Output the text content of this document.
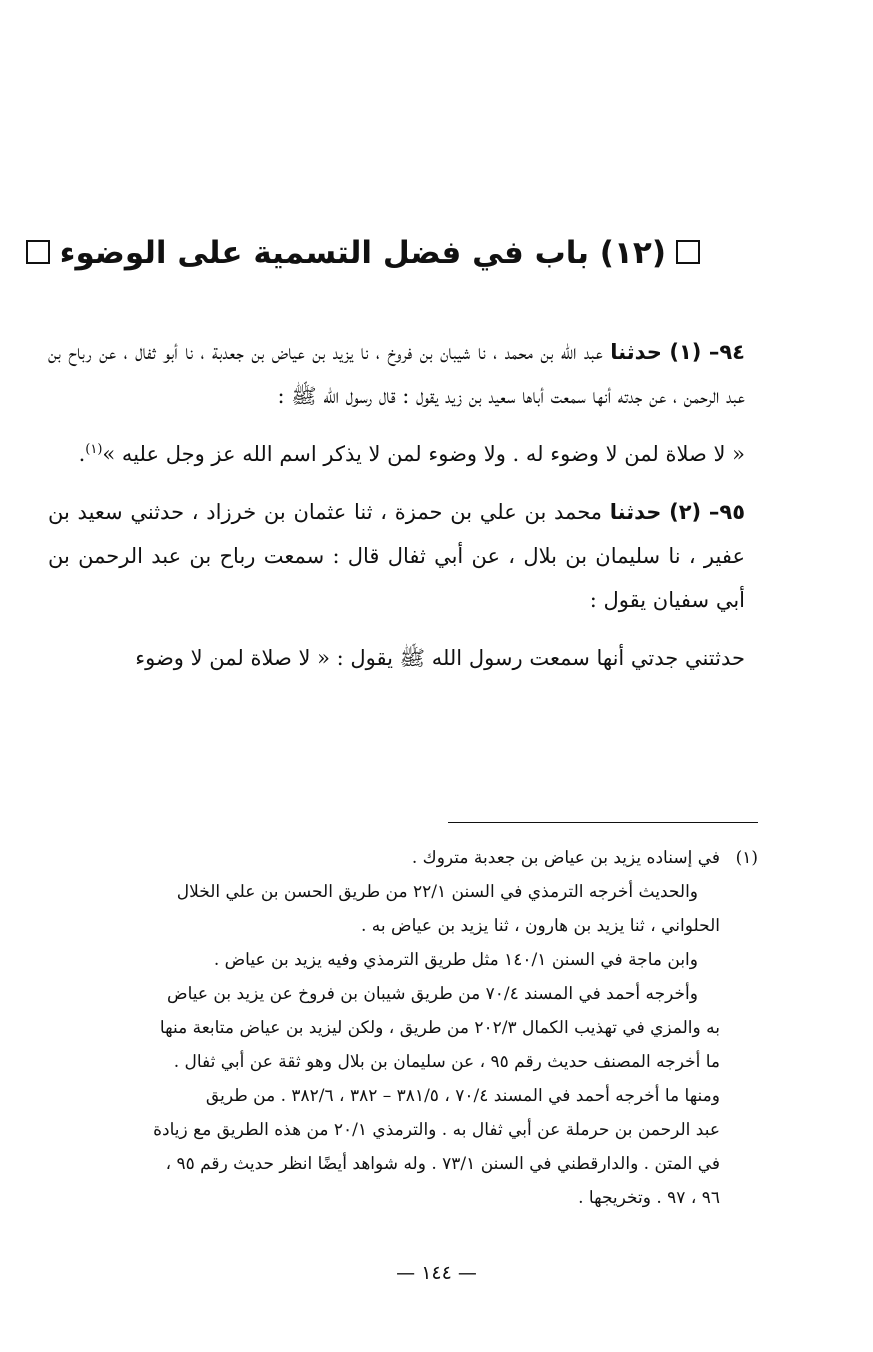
(١٢) باب في فضل التسمية على الوضوء

٩٤– (١) حدثنا عبد الله بن محمد ، نا شيبان بن فروخ ، نا يزيد بن عياض بن جعدبة ، نا أبو ثفال ، عن رباح بن عبد الرحمن ، عن جدته أنها سمعت أباها سعيد بن زيد يقول : قال رسول الله ﷺ :

« لا صلاة لمن لا وضوء له . ولا وضوء لمن لا يذكر اسم الله عز وجل عليه »$^{(١)}$.

٩٥– (٢) حدثنا محمد بن علي بن حمزة ، ثنا عثمان بن خرزاد ، حدثني سعيد بن عفير ، نا سليمان بن بلال ، عن أبي ثفال قال : سمعت رباح بن عبد الرحمن بن أبي سفيان يقول :

حدثتني جدتي أنها سمعت رسول الله ﷺ يقول : « لا صلاة لمن لا وضوء

(١)
في إسناده يزيد بن عياض بن جعدبة متروك .
والحديث أخرجه الترمذي في السنن ٢٢/١ من طريق الحسن بن علي الخلال
الحلواني ، ثنا يزيد بن هارون ، ثنا يزيد بن عياض به .
وابن ماجة في السنن ١٤٠/١ مثل طريق الترمذي وفيه يزيد بن عياض .
وأخرجه أحمد في المسند ٧٠/٤ من طريق شيبان بن فروخ عن يزيد بن عياض
به والمزي في تهذيب الكمال ٢٠٢/٣ من طريق ، ولكن ليزيد بن عياض متابعة منها
ما أخرجه المصنف حديث رقم ٩٥ ، عن سليمان بن بلال وهو ثقة عن أبي ثفال .
ومنها ما أخرجه أحمد في المسند ٧٠/٤ ، ٣٨١/٥ – ٣٨٢ ، ٣٨٢/٦ . من طريق
عبد الرحمن بن حرملة عن أبي ثفال به . والترمذي ٢٠/١ من هذه الطريق مع زيادة
في المتن . والدارقطني في السنن ٧٣/١ . وله شواهد أيضًا انظر حديث رقم ٩٥ ،
٩٦ ، ٩٧ . وتخريجها .
— ١٤٤ —
